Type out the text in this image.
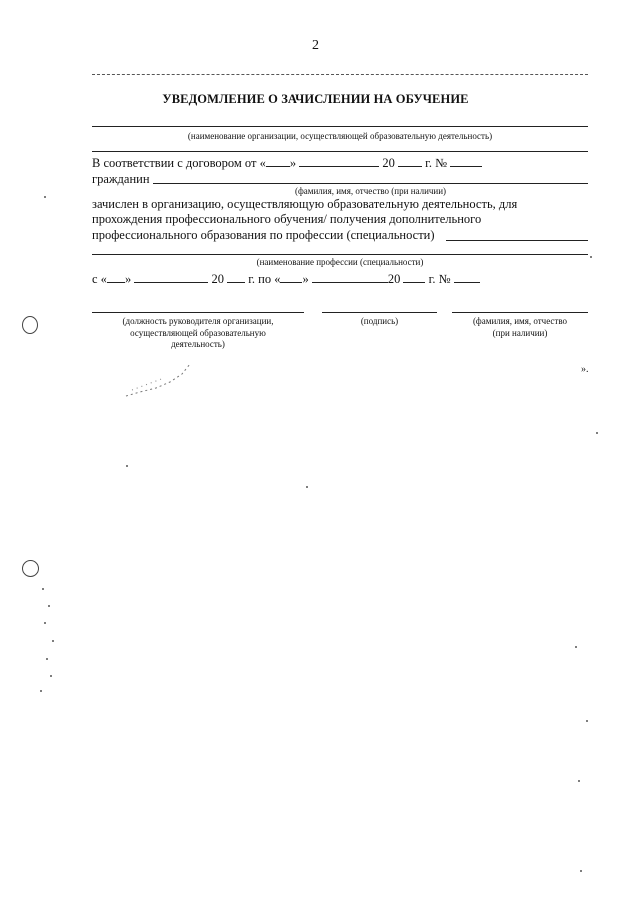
2
УВЕДОМЛЕНИЕ О ЗАЧИСЛЕНИИ НА ОБУЧЕНИЕ
(наименование организации, осуществляющей образовательную деятельность)
В соответствии с договором от « »	20 г. №
гражданин
(фамилия, имя, отчество (при наличии)
зачислен в организацию, осуществляющую образовательную деятельность, для
прохождения профессионального обучения/ получения дополнительного
профессионального образования по профессии (специальности)
(наименование профессии (специальности)
с « »	20 г. по « »	20 г. №
(должность руководителя организации,
осуществляющей образовательную
деятельность)
(подпись)	(фамилия, имя, отчество
(при наличии)
».
